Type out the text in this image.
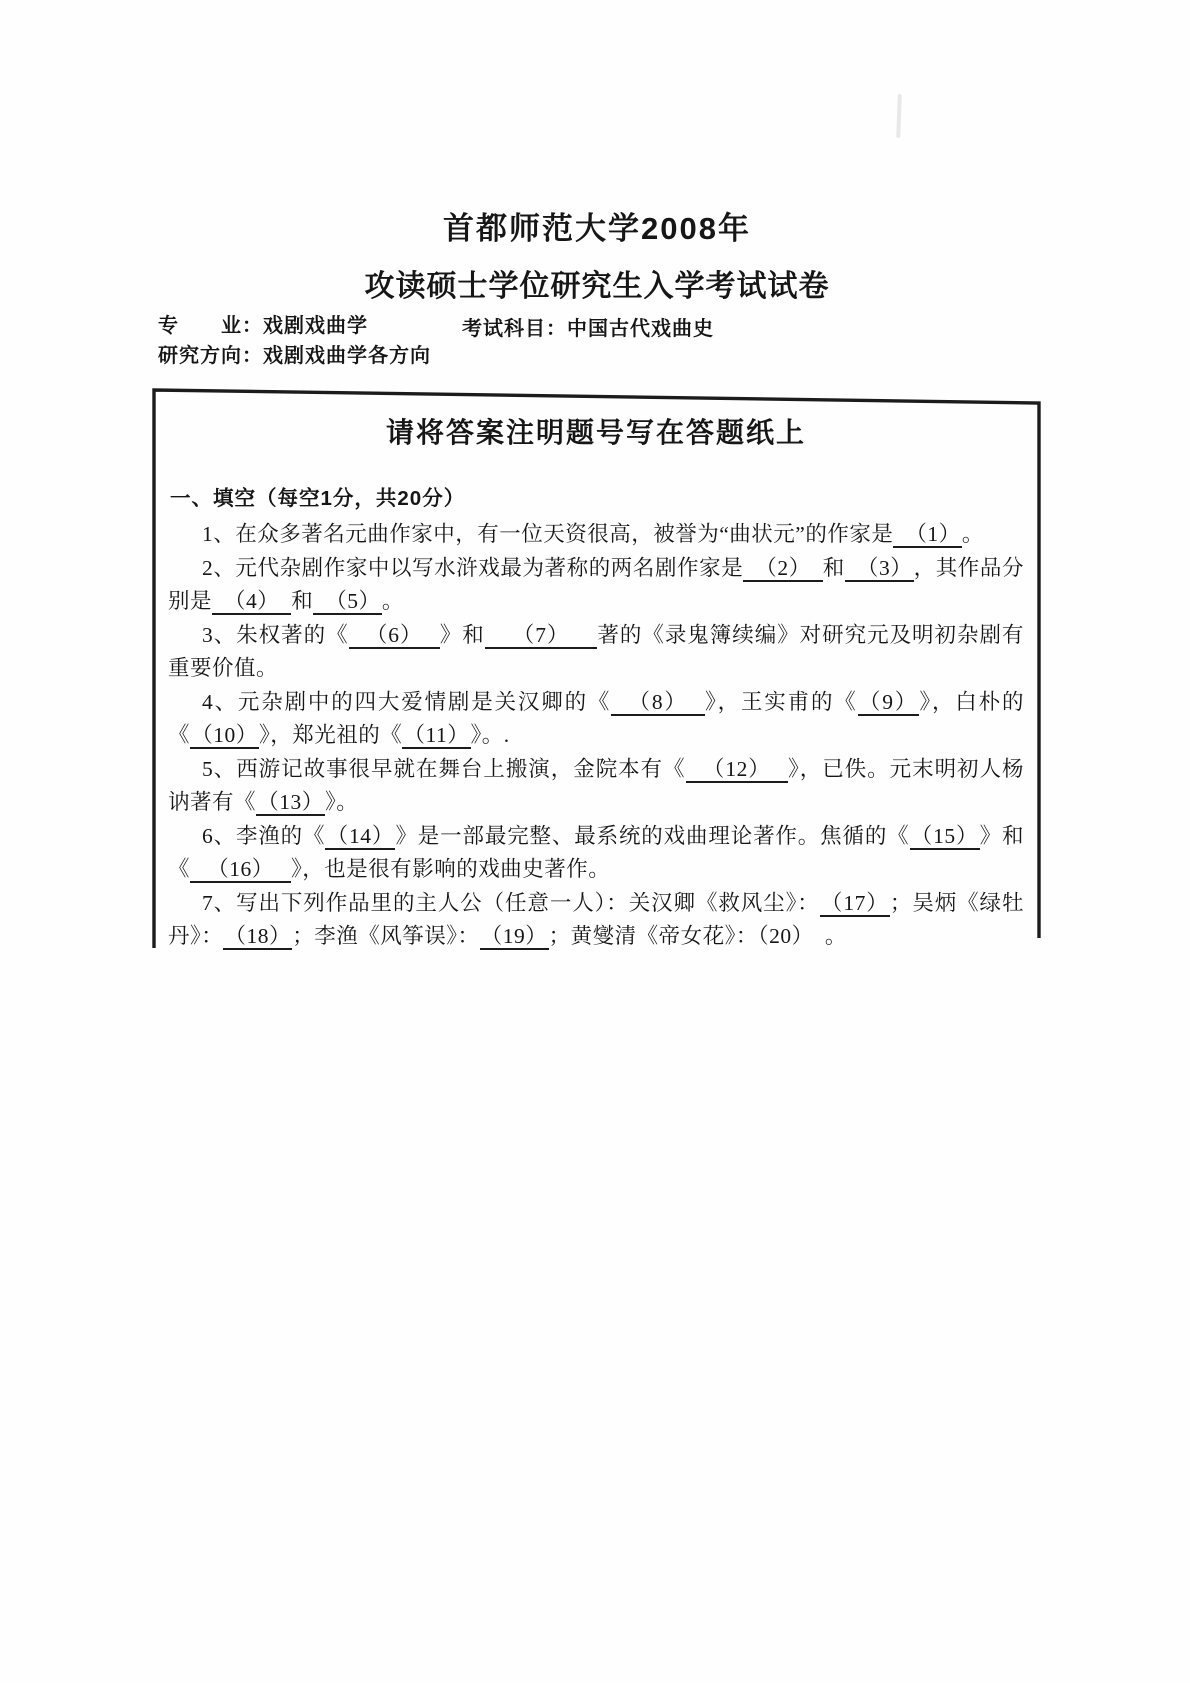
首都师范大学2008年
攻读硕士学位研究生入学考试试卷
专　　业：戏剧戏曲学	考试科目：中国古代戏曲史
研究方向：戏剧戏曲学各方向

请将答案注明题号写在答题纸上

一、填空（每空1分，共20分）

1、在众多著名元曲作家中，有一位天资很高，被誉为“曲状元”的作家是 （1） 。

2、元代杂剧作家中以写水浒戏最为著称的两名剧作家是 （2） 和 （3） ，其作品分别是 （4） 和 （5） 。

3、朱权著的《 （6） 》和 （7） 著的《录鬼簿续编》对研究元及明初杂剧有重要价值。

4、元杂剧中的四大爱情剧是关汉卿的《 （8） 》，王实甫的《 （9） 》，白朴的《 （10） 》，郑光祖的《 （11） 》。.

5、西游记故事很早就在舞台上搬演，金院本有《 （12） 》，已佚。元末明初人杨讷著有《 （13） 》。

6、李渔的《 （14） 》是一部最完整、最系统的戏曲理论著作。焦循的《 （15） 》和《 （16） 》，也是很有影响的戏曲史著作。

7、写出下列作品里的主人公（任意一人）：关汉卿《救风尘》： （17） ；吴炳《绿牡丹》： （18） ；李渔《风筝误》： （19） ；黄燮清《帝女花》：（20）　。
